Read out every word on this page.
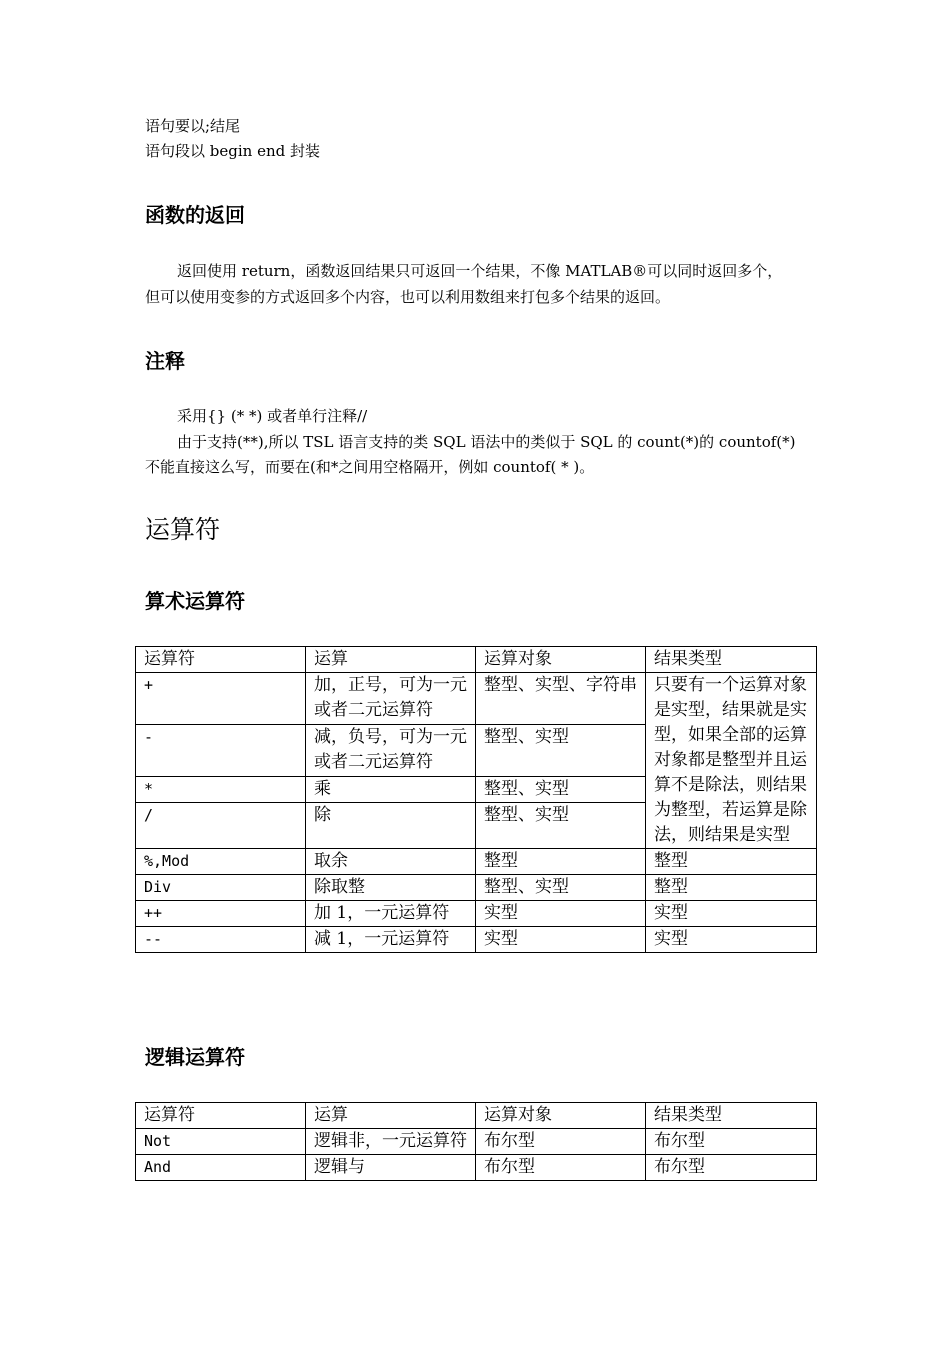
语句要以;结尾
语句段以 begin end 封装
函数的返回
返回使用 return，函数返回结果只可返回一个结果，不像 MATLAB®可以同时返回多个，
但可以使用变参的方式返回多个内容，也可以利用数组来打包多个结果的返回。
注释
采用{} (* *) 或者单行注释//
由于支持(**),所以 TSL 语言支持的类 SQL 语法中的类似于 SQL 的 count(*)的 countof(*)
不能直接这么写，而要在(和*之间用空格隔开，例如 countof( * )。
运算符
算术运算符
运算符	运算	运算对象	结果类型
+	加，正号，可为一元或者二元运算符	整型、实型、字符串	只要有一个运算对象是实型，结果就是实型，如果全部的运算对象都是整型并且运算不是除法，则结果为整型，若运算是除法，则结果是实型
-	减，负号，可为一元或者二元运算符	整型、实型	
*	乘	整型、实型	
/	除	整型、实型	
%,Mod	取余	整型	整型
Div	除取整	整型、实型	整型
++	加 1，一元运算符	实型	实型
--	减 1，一元运算符	实型	实型
逻辑运算符
运算符	运算	运算对象	结果类型
Not	逻辑非，一元运算符	布尔型	布尔型
And	逻辑与	布尔型	布尔型
